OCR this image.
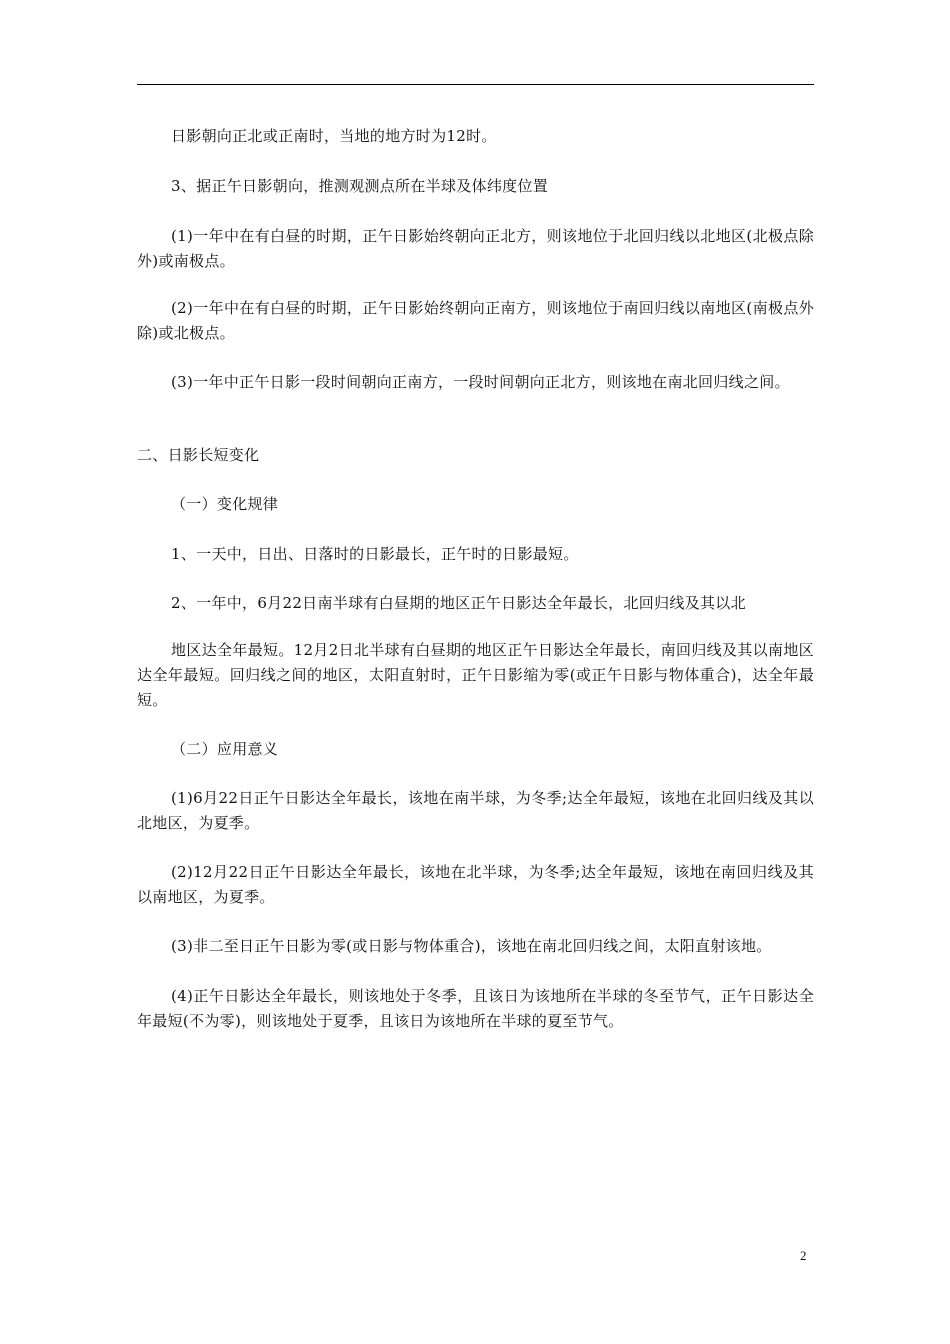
日影朝向正北或正南时，当地的地方时为12时。

3、据正午日影朝向，推测观测点所在半球及体纬度位置

(1)一年中在有白昼的时期，正午日影始终朝向正北方，则该地位于北回归线以北地区(北极点除外)或南极点。

(2)一年中在有白昼的时期，正午日影始终朝向正南方，则该地位于南回归线以南地区(南极点外除)或北极点。

(3)一年中正午日影一段时间朝向正南方，一段时间朝向正北方，则该地在南北回归线之间。

二、日影长短变化

（一）变化规律

1、一天中，日出、日落时的日影最长，正午时的日影最短。

2、一年中，6月22日南半球有白昼期的地区正午日影达全年最长，北回归线及其以北

地区达全年最短。12月2日北半球有白昼期的地区正午日影达全年最长，南回归线及其以南地区达全年最短。回归线之间的地区，太阳直射时，正午日影缩为零(或正午日影与物体重合)，达全年最短。

（二）应用意义

(1)6月22日正午日影达全年最长，该地在南半球，为冬季;达全年最短，该地在北回归线及其以北地区，为夏季。

(2)12月22日正午日影达全年最长，该地在北半球，为冬季;达全年最短，该地在南回归线及其以南地区，为夏季。

(3)非二至日正午日影为零(或日影与物体重合)，该地在南北回归线之间，太阳直射该地。

(4)正午日影达全年最长，则该地处于冬季，且该日为该地所在半球的冬至节气，正午日影达全年最短(不为零)，则该地处于夏季，且该日为该地所在半球的夏至节气。

2
